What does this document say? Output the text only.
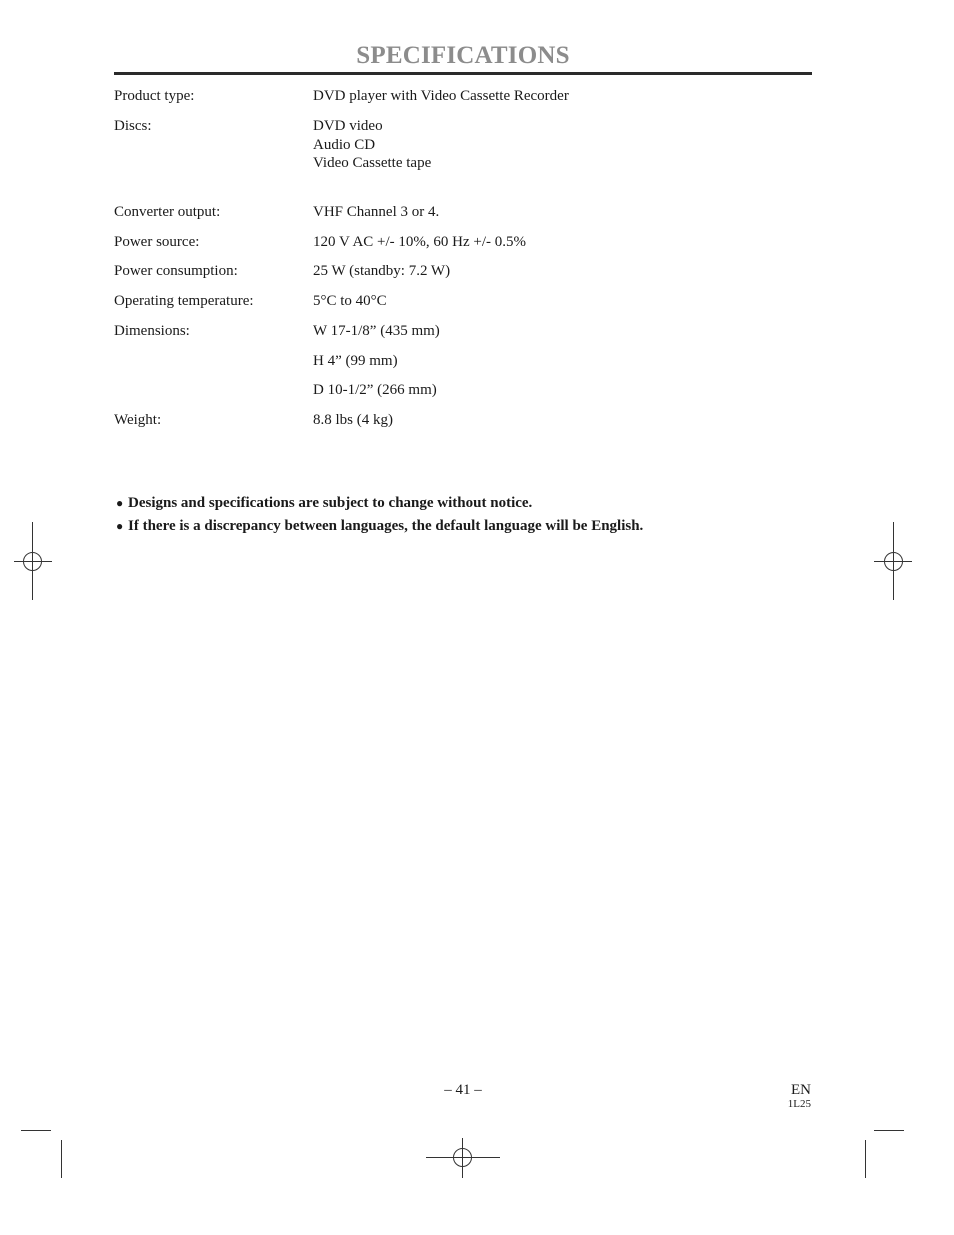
SPECIFICATIONS
Product type:	DVD player with Video Cassette Recorder
Discs:	DVD video
Audio CD
Video Cassette tape
Converter output:	VHF Channel 3 or 4.
Power source:	120 V AC +/- 10%, 60 Hz +/- 0.5%
Power consumption:	25 W (standby: 7.2 W)
Operating temperature:	5°C to 40°C
Dimensions:	W 17-1/8” (435 mm)
H 4” (99 mm)
D 10-1/2” (266 mm)
Weight:	8.8 lbs (4 kg)
● Designs and specifications are subject to change without notice.
● If there is a discrepancy between languages, the default language will be English.
– 41 –	EN
1L25
